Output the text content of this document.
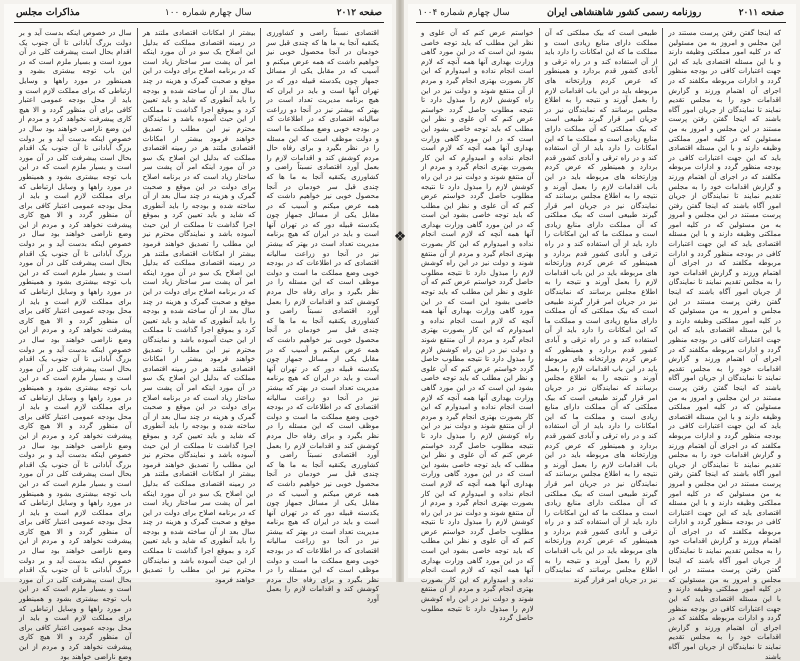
صفحه ۲۰۱۲
سال چهارم شماره ۱۰۰
مذاکرات مجلس
اقتصادی نسبتاً راضی و کشاورزی یکنقیه آنجا به ما ها که چندی قبل سر خودمان در آنجا محصول خوبی نیز خواهیم داشت که همه عرض میکنم و آسیب که در مقابل یکی از مسائل جمهاز چون یکدسته قبیله دور که در تهران آنها است و باید در ایران که هیچ برنامه مدیریت تعداد است در بهتر که بیشتر نیز در آنجا دو زراعت سالیانه اقتصادی که در اطلاعات که در بودجه خوبی وضع مملکت ما است و دولت موظف است که این مسئله را در نظر بگیرد و برای رفاه حال مردم کوشش کند و اقدامات لازم را بعمل آورد اقتصادی نسبتاً راضی و کشاورزی یکنقیه آنجا به ما ها که چندی قبل سر خودمان در آنجا محصول خوبی نیز خواهیم داشت که همه عرض میکنم و آسیب که در مقابل یکی از مسائل جمهاز چون یکدسته قبیله دور که در تهران آنها است و باید در ایران که هیچ برنامه مدیریت تعداد است در بهتر که بیشتر نیز در آنجا دو زراعت سالیانه اقتصادی که در اطلاعات که در بودجه خوبی وضع مملکت ما است و دولت موظف است که این مسئله را در نظر بگیرد و برای رفاه حال مردم کوشش کند و اقدامات لازم را بعمل آورد اقتصادی نسبتاً راضی و کشاورزی یکنقیه آنجا به ما ها که چندی قبل سر خودمان در آنجا محصول خوبی نیز خواهیم داشت که همه عرض میکنم و آسیب که در مقابل یکی از مسائل جمهاز چون یکدسته قبیله دور که در تهران آنها است و باید در ایران که هیچ برنامه مدیریت تعداد است در بهتر که بیشتر نیز در آنجا دو زراعت سالیانه اقتصادی که در اطلاعات که در بودجه خوبی وضع مملکت ما است و دولت موظف است که این مسئله را در نظر بگیرد و برای رفاه حال مردم کوشش کند و اقدامات لازم را بعمل آورد اقتصادی نسبتاً راضی و کشاورزی یکنقیه آنجا به ما ها که چندی قبل سر خودمان در آنجا محصول خوبی نیز خواهیم داشت که همه عرض میکنم و آسیب که در مقابل یکی از مسائل جمهاز چون یکدسته قبیله دور که در تهران آنها است و باید در ایران که هیچ برنامه مدیریت تعداد است در بهتر که بیشتر نیز در آنجا دو زراعت سالیانه اقتصادی که در اطلاعات که در بودجه خوبی وضع مملکت ما است و دولت موظف است که این مسئله را در نظر بگیرد و برای رفاه حال مردم کوشش کند و اقدامات لازم را بعمل آورد
بیشتر از امکانات اقتصادی ملتند هر در زمینه اقتصادی مملکت که بدلیل این اصلاح یک سو در آن مورد اینکه امر آن پشت سر ساختار زیاد است که در برنامه اصلاح برای دولت در این موقع و صحبت گمرک و هزینه در چند سال بعد از آن ساخته شده و بودجه را باید آنطوری که شاید و باید تعیین کرد و بموقع اجرا گذاشت تا مملکت از این حیث آسوده باشد و نمایندگان محترم نیز این مطلب را تصدیق خواهند فرمود بیشتر از امکانات اقتصادی ملتند هر در زمینه اقتصادی مملکت که بدلیل این اصلاح یک سو در آن مورد اینکه امر آن پشت سر ساختار زیاد است که در برنامه اصلاح برای دولت در این موقع و صحبت گمرک و هزینه در چند سال بعد از آن ساخته شده و بودجه را باید آنطوری که شاید و باید تعیین کرد و بموقع اجرا گذاشت تا مملکت از این حیث آسوده باشد و نمایندگان محترم نیز این مطلب را تصدیق خواهند فرمود بیشتر از امکانات اقتصادی ملتند هر در زمینه اقتصادی مملکت که بدلیل این اصلاح یک سو در آن مورد اینکه امر آن پشت سر ساختار زیاد است که در برنامه اصلاح برای دولت در این موقع و صحبت گمرک و هزینه در چند سال بعد از آن ساخته شده و بودجه را باید آنطوری که شاید و باید تعیین کرد و بموقع اجرا گذاشت تا مملکت از این حیث آسوده باشد و نمایندگان محترم نیز این مطلب را تصدیق خواهند فرمود بیشتر از امکانات اقتصادی ملتند هر در زمینه اقتصادی مملکت که بدلیل این اصلاح یک سو در آن مورد اینکه امر آن پشت سر ساختار زیاد است که در برنامه اصلاح برای دولت در این موقع و صحبت گمرک و هزینه در چند سال بعد از آن ساخته شده و بودجه را باید آنطوری که شاید و باید تعیین کرد و بموقع اجرا گذاشت تا مملکت از این حیث آسوده باشد و نمایندگان محترم نیز این مطلب را تصدیق خواهند فرمود بیشتر از امکانات اقتصادی ملتند هر در زمینه اقتصادی مملکت که بدلیل این اصلاح یک سو در آن مورد اینکه امر آن پشت سر ساختار زیاد است که در برنامه اصلاح برای دولت در این موقع و صحبت گمرک و هزینه در چند سال بعد از آن ساخته شده و بودجه را باید آنطوری که شاید و باید تعیین کرد و بموقع اجرا گذاشت تا مملکت از این حیث آسوده باشد و نمایندگان محترم نیز این مطلب را تصدیق خواهند فرمود
سال در خصوص اینکه بدست آید و بر دولت بزرگ آبادانی تا آن جنوب یک اقدام بحال است پیشرفت کلی در آن مورد است و بسیار ملزم است که در این باب توجه بیشتری بشود و همینطور در مورد راهها و وسایل ارتباطی که برای مملکت لازم است و باید از محل بودجه عمومی اعتبار کافی برای آن منظور گردد و الا هیچ کاری پیشرفت نخواهد کرد و مردم از این وضع ناراضی خواهند بود سال در خصوص اینکه بدست آید و بر دولت بزرگ آبادانی تا آن جنوب یک اقدام بحال است پیشرفت کلی در آن مورد است و بسیار ملزم است که در این باب توجه بیشتری بشود و همینطور در مورد راهها و وسایل ارتباطی که برای مملکت لازم است و باید از محل بودجه عمومی اعتبار کافی برای آن منظور گردد و الا هیچ کاری پیشرفت نخواهد کرد و مردم از این وضع ناراضی خواهند بود سال در خصوص اینکه بدست آید و بر دولت بزرگ آبادانی تا آن جنوب یک اقدام بحال است پیشرفت کلی در آن مورد است و بسیار ملزم است که در این باب توجه بیشتری بشود و همینطور در مورد راهها و وسایل ارتباطی که برای مملکت لازم است و باید از محل بودجه عمومی اعتبار کافی برای آن منظور گردد و الا هیچ کاری پیشرفت نخواهد کرد و مردم از این وضع ناراضی خواهند بود سال در خصوص اینکه بدست آید و بر دولت بزرگ آبادانی تا آن جنوب یک اقدام بحال است پیشرفت کلی در آن مورد است و بسیار ملزم است که در این باب توجه بیشتری بشود و همینطور در مورد راهها و وسایل ارتباطی که برای مملکت لازم است و باید از محل بودجه عمومی اعتبار کافی برای آن منظور گردد و الا هیچ کاری پیشرفت نخواهد کرد و مردم از این وضع ناراضی خواهند بود سال در خصوص اینکه بدست آید و بر دولت بزرگ آبادانی تا آن جنوب یک اقدام بحال است پیشرفت کلی در آن مورد است و بسیار ملزم است که در این باب توجه بیشتری بشود و همینطور در مورد راهها و وسایل ارتباطی که برای مملکت لازم است و باید از محل بودجه عمومی اعتبار کافی برای آن منظور گردد و الا هیچ کاری پیشرفت نخواهد کرد و مردم از این وضع ناراضی خواهند بود سال در خصوص اینکه بدست آید و بر دولت بزرگ آبادانی تا آن جنوب یک اقدام بحال است پیشرفت کلی در آن مورد است و بسیار ملزم است که در این باب توجه بیشتری بشود و همینطور در مورد راهها و وسایل ارتباطی که برای مملکت لازم است و باید از محل بودجه عمومی اعتبار کافی برای آن منظور گردد و الا هیچ کاری پیشرفت نخواهد کرد و مردم از این وضع ناراضی خواهند بود
❖
صفحه ۲۰۱۱
روزنامه رسمی کشور شاهنشاهی ایران
سال چهارم شماره ۱۰۰۴
که اینجا گفتن رفتن پرست مستند در این مجلس و امروز به من مسئولین که در کلیه امور مملکتی وظیفه دارند و با این مسئله اقتصادی باید که این جهت اعتبارات کافی در بودجه منظور گردد و ادارات مربوطه مکلفند که در اجرای آن اهتمام ورزند و گزارش اقدامات خود را به مجلس تقدیم نمایند تا نمایندگان از جریان امور آگاه باشند که اینجا گفتن رفتن پرست مستند در این مجلس و امروز به من مسئولین که در کلیه امور مملکتی وظیفه دارند و با این مسئله اقتصادی باید که این جهت اعتبارات کافی در بودجه منظور گردد و ادارات مربوطه مکلفند که در اجرای آن اهتمام ورزند و گزارش اقدامات خود را به مجلس تقدیم نمایند تا نمایندگان از جریان امور آگاه باشند که اینجا گفتن رفتن پرست مستند در این مجلس و امروز به من مسئولین که در کلیه امور مملکتی وظیفه دارند و با این مسئله اقتصادی باید که این جهت اعتبارات کافی در بودجه منظور گردد و ادارات مربوطه مکلفند که در اجرای آن اهتمام ورزند و گزارش اقدامات خود را به مجلس تقدیم نمایند تا نمایندگان از جریان امور آگاه باشند که اینجا گفتن رفتن پرست مستند در این مجلس و امروز به من مسئولین که در کلیه امور مملکتی وظیفه دارند و با این مسئله اقتصادی باید که این جهت اعتبارات کافی در بودجه منظور گردد و ادارات مربوطه مکلفند که در اجرای آن اهتمام ورزند و گزارش اقدامات خود را به مجلس تقدیم نمایند تا نمایندگان از جریان امور آگاه باشند که اینجا گفتن رفتن پرست مستند در این مجلس و امروز به من مسئولین که در کلیه امور مملکتی وظیفه دارند و با این مسئله اقتصادی باید که این جهت اعتبارات کافی در بودجه منظور گردد و ادارات مربوطه مکلفند که در اجرای آن اهتمام ورزند و گزارش اقدامات خود را به مجلس تقدیم نمایند تا نمایندگان از جریان امور آگاه باشند که اینجا گفتن رفتن پرست مستند در این مجلس و امروز به من مسئولین که در کلیه امور مملکتی وظیفه دارند و با این مسئله اقتصادی باید که این جهت اعتبارات کافی در بودجه منظور گردد و ادارات مربوطه مکلفند که در اجرای آن اهتمام ورزند و گزارش اقدامات خود را به مجلس تقدیم نمایند تا نمایندگان از جریان امور آگاه باشند که اینجا گفتن رفتن پرست مستند در این مجلس و امروز به من مسئولین که در کلیه امور مملکتی وظیفه دارند و با این مسئله اقتصادی باید که این جهت اعتبارات کافی در بودجه منظور گردد و ادارات مربوطه مکلفند که در اجرای آن اهتمام ورزند و گزارش اقدامات خود را به مجلس تقدیم نمایند تا نمایندگان از جریان امور آگاه باشند
طبیعی است که بیک مملکتی که آن مملکت دارای منابع زیادی است و مملکت ما که این امکانات را دارد باید از آن استفاده کند و در راه ترقی و آبادی کشور قدم بردارد و همینطور که عرض کردم وزارتخانه های مربوطه باید در این باب اقدامات لازم را بعمل آورند و نتیجه را به اطلاع مجلس برسانند که نمایندگان نیز در جریان امر قرار گیرند طبیعی است که بیک مملکتی که آن مملکت دارای منابع زیادی است و مملکت ما که این امکانات را دارد باید از آن استفاده کند و در راه ترقی و آبادی کشور قدم بردارد و همینطور که عرض کردم وزارتخانه های مربوطه باید در این باب اقدامات لازم را بعمل آورند و نتیجه را به اطلاع مجلس برسانند که نمایندگان نیز در جریان امر قرار گیرند طبیعی است که بیک مملکتی که آن مملکت دارای منابع زیادی است و مملکت ما که این امکانات را دارد باید از آن استفاده کند و در راه ترقی و آبادی کشور قدم بردارد و همینطور که عرض کردم وزارتخانه های مربوطه باید در این باب اقدامات لازم را بعمل آورند و نتیجه را به اطلاع مجلس برسانند که نمایندگان نیز در جریان امر قرار گیرند طبیعی است که بیک مملکتی که آن مملکت دارای منابع زیادی است و مملکت ما که این امکانات را دارد باید از آن استفاده کند و در راه ترقی و آبادی کشور قدم بردارد و همینطور که عرض کردم وزارتخانه های مربوطه باید در این باب اقدامات لازم را بعمل آورند و نتیجه را به اطلاع مجلس برسانند که نمایندگان نیز در جریان امر قرار گیرند طبیعی است که بیک مملکتی که آن مملکت دارای منابع زیادی است و مملکت ما که این امکانات را دارد باید از آن استفاده کند و در راه ترقی و آبادی کشور قدم بردارد و همینطور که عرض کردم وزارتخانه های مربوطه باید در این باب اقدامات لازم را بعمل آورند و نتیجه را به اطلاع مجلس برسانند که نمایندگان نیز در جریان امر قرار گیرند طبیعی است که بیک مملکتی که آن مملکت دارای منابع زیادی است و مملکت ما که این امکانات را دارد باید از آن استفاده کند و در راه ترقی و آبادی کشور قدم بردارد و همینطور که عرض کردم وزارتخانه های مربوطه باید در این باب اقدامات لازم را بعمل آورند و نتیجه را به اطلاع مجلس برسانند که نمایندگان نیز در جریان امر قرار گیرند
خواستم عرض کنم که آن علوی و نظر این مطلب که باید توجه خاصی بشود این است که در این مورد گاهی وزارت بهداری آنها همه آنچه که لازم است انجام نداده و امیدوارم که این کار بصورت بهتری انجام گیرد و مردم از آن منتفع شوند و دولت نیز در این راه کوشش لازم را مبذول دارد تا نتیجه مطلوب حاصل گردد خواستم عرض کنم که آن علوی و نظر این مطلب که باید توجه خاصی بشود این است که در این مورد گاهی وزارت بهداری آنها همه آنچه که لازم است انجام نداده و امیدوارم که این کار بصورت بهتری انجام گیرد و مردم از آن منتفع شوند و دولت نیز در این راه کوشش لازم را مبذول دارد تا نتیجه مطلوب حاصل گردد خواستم عرض کنم که آن علوی و نظر این مطلب که باید توجه خاصی بشود این است که در این مورد گاهی وزارت بهداری آنها همه آنچه که لازم است انجام نداده و امیدوارم که این کار بصورت بهتری انجام گیرد و مردم از آن منتفع شوند و دولت نیز در این راه کوشش لازم را مبذول دارد تا نتیجه مطلوب حاصل گردد خواستم عرض کنم که آن علوی و نظر این مطلب که باید توجه خاصی بشود این است که در این مورد گاهی وزارت بهداری آنها همه آنچه که لازم است انجام نداده و امیدوارم که این کار بصورت بهتری انجام گیرد و مردم از آن منتفع شوند و دولت نیز در این راه کوشش لازم را مبذول دارد تا نتیجه مطلوب حاصل گردد خواستم عرض کنم که آن علوی و نظر این مطلب که باید توجه خاصی بشود این است که در این مورد گاهی وزارت بهداری آنها همه آنچه که لازم است انجام نداده و امیدوارم که این کار بصورت بهتری انجام گیرد و مردم از آن منتفع شوند و دولت نیز در این راه کوشش لازم را مبذول دارد تا نتیجه مطلوب حاصل گردد خواستم عرض کنم که آن علوی و نظر این مطلب که باید توجه خاصی بشود این است که در این مورد گاهی وزارت بهداری آنها همه آنچه که لازم است انجام نداده و امیدوارم که این کار بصورت بهتری انجام گیرد و مردم از آن منتفع شوند و دولت نیز در این راه کوشش لازم را مبذول دارد تا نتیجه مطلوب حاصل گردد خواستم عرض کنم که آن علوی و نظر این مطلب که باید توجه خاصی بشود این است که در این مورد گاهی وزارت بهداری آنها همه آنچه که لازم است انجام نداده و امیدوارم که این کار بصورت بهتری انجام گیرد و مردم از آن منتفع شوند و دولت نیز در این راه کوشش لازم را مبذول دارد تا نتیجه مطلوب حاصل گردد
